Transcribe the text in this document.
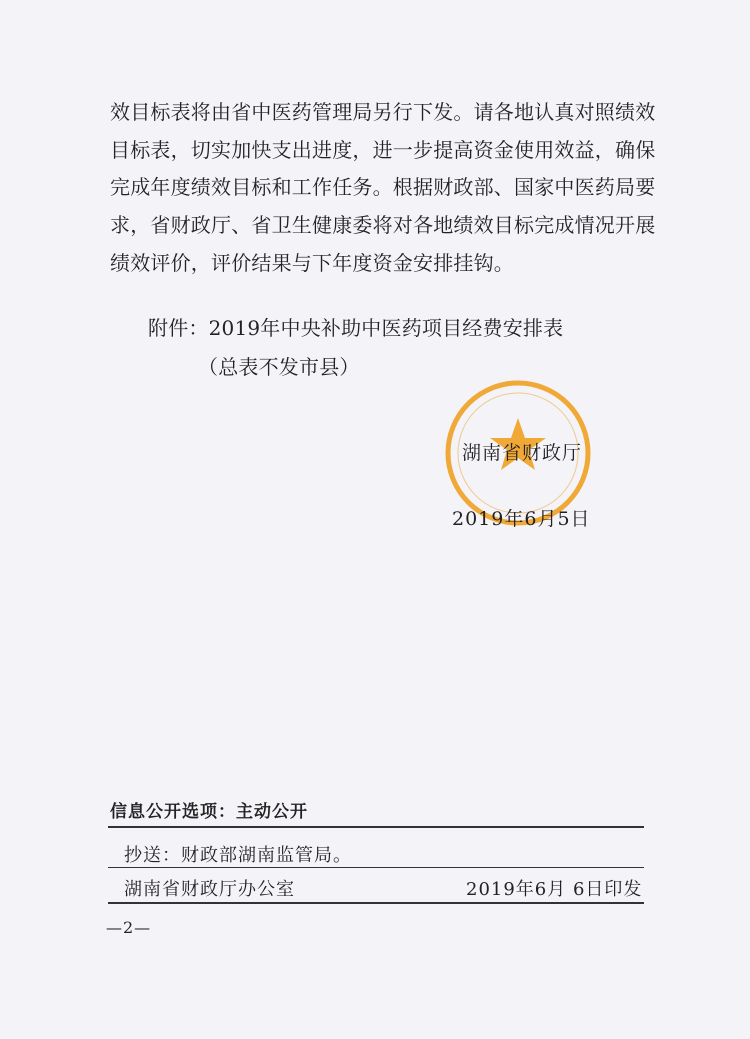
效目标表将由省中医药管理局另行下发。请各地认真对照绩效
目标表，切实加快支出进度，进一步提高资金使用效益，确保
完成年度绩效目标和工作任务。根据财政部、国家中医药局要
求，省财政厅、省卫生健康委将对各地绩效目标完成情况开展
绩效评价，评价结果与下年度资金安排挂钩。
附件：2019年中央补助中医药项目经费安排表
（总表不发市县）
湖南省财政厅
2019年6月5日
信息公开选项：主动公开
抄送：财政部湖南监管局。
湖南省财政厅办公室	2019年6月 6日印发
—2—
